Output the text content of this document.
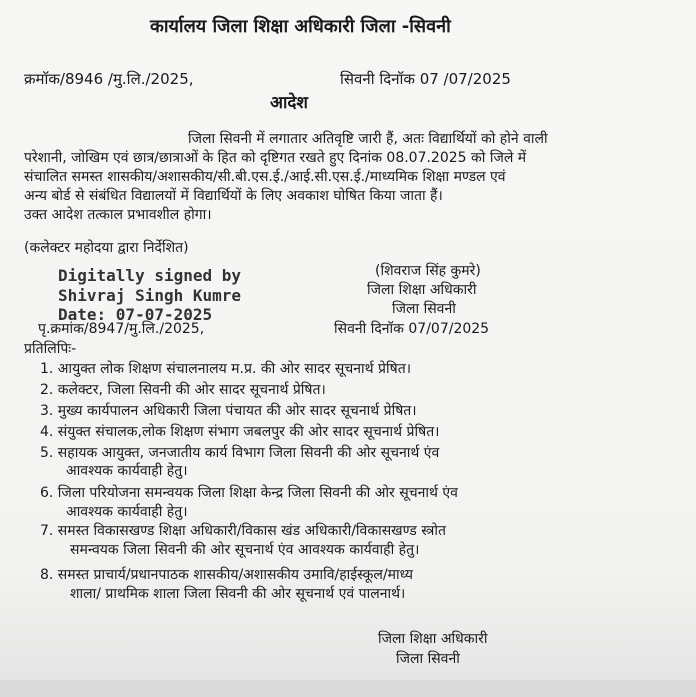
कार्यालय जिला शिक्षा अधिकारी जिला -सिवनी
क्रमॉक/8946 /मु.लि./2025,	सिवनी दिनॉक 07 /07/2025
आदेश
जिला सिवनी में लगातार अतिवृष्टि जारी हैं, अतः विद्यार्थियों को होने वाली
परेशानी, जोखिम एवं छात्र/छात्राओं के हित को दृष्टिगत रखते हुए दिनांक 08.07.2025 को जिले में
संचालित समस्त शासकीय/अशासकीय/सी.बी.एस.ई./आई.सी.एस.ई./माध्यमिक शिक्षा मण्डल एवं
अन्य बोर्ड से संबंधित विद्यालयों में विद्यार्थियों के लिए अवकाश घोषित किया जाता हैं।
उक्त आदेश तत्काल प्रभावशील होगा।
(कलेक्टर महोदया द्वारा निर्देशित)
(शिवराज सिंह कुमरे)
जिला शिक्षा अधिकारी
जिला सिवनी
Digitally signed by
Shivraj Singh Kumre
Date: 07-07-2025
पृ.क्रमांक/8947/मु.लि./2025,	सिवनी दिनॉक 07/07/2025
प्रतिलिपिः-
1. आयुक्त लोक शिक्षण संचालनालय म.प्र. की ओर सादर सूचनार्थ प्रेषित।
2. कलेक्टर, जिला सिवनी की ओर सादर सूचनार्थ प्रेषित।
3. मुख्य कार्यपालन अधिकारी जिला पंचायत की ओर सादर सूचनार्थ प्रेषित।
4. संयुक्त संचालक,लोक शिक्षण संभाग जबलपुर की ओर सादर सूचनार्थ प्रेषित।
5. सहायक आयुक्त, जनजातीय कार्य विभाग जिला सिवनी की ओर सूचनार्थ एंव
आवश्यक कार्यवाही हेतु।
6. जिला परियोजना समन्वयक जिला शिक्षा केन्द्र जिला सिवनी की ओर सूचनार्थ एंव
आवश्यक कार्यवाही हेतु।
7. समस्त विकासखण्ड शिक्षा अधिकारी/विकास खंड अधिकारी/विकासखण्ड स्त्रोत
समन्वयक जिला सिवनी की ओर सूचनार्थ एंव आवश्यक कार्यवाही हेतु।
8. समस्त प्राचार्य/प्रधानपाठक शासकीय/अशासकीय उमावि/हाईस्कूल/माध्य
शाला/ प्राथमिक शाला जिला सिवनी की ओर सूचनार्थ एवं पालनार्थ।
जिला शिक्षा अधिकारी
जिला सिवनी
